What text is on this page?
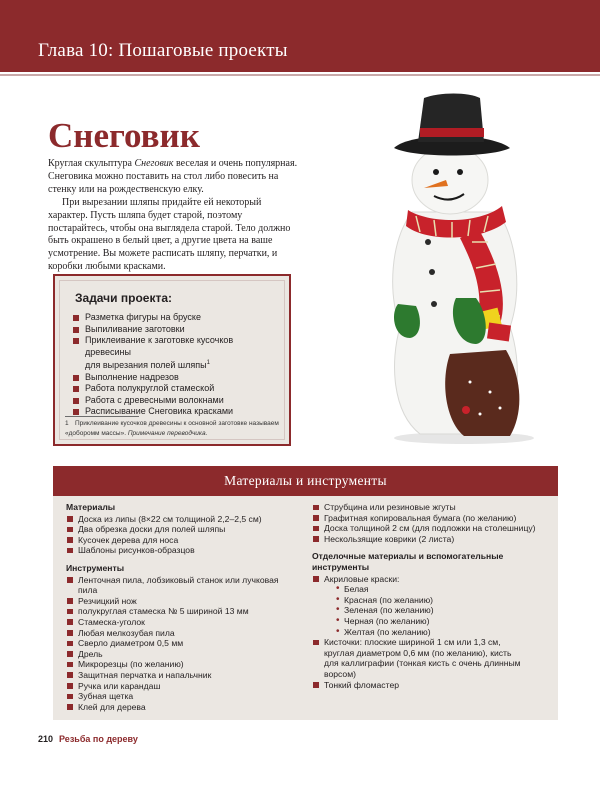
Глава 10: Пошаговые проекты
Снеговик

Круглая скульптура Снеговик веселая и очень популярная. Снеговика можно поставить на стол либо повесить на стенку или на рождественскую елку.

При вырезании шляпы придайте ей некоторый характер. Пусть шляпа будет старой, поэтому постарайтесь, чтобы она выглядела старой. Тело должно быть окрашено в белый цвет, а другие цвета на ваше усмотрение. Вы можете расписать шляпу, перчатки, и коробки любыми красками.

Задачи проекта:
Разметка фигуры на бруске
Выпиливание заготовки
Приклеивание к заготовке кусочков древесины
для вырезания полей шляпы$^1$
Выполнение надрезов
Работа полукруглой стамеской
Работа с древесными волокнами
Расписывание Снеговика красками
1 Приклеивание кусочков древесины к основной заготовке называем «доборомм массы». Примечание переводчика.
Материалы и инструменты
Материалы
Доска из липы (8×22 см толщиной 2,2–2,5 см)
Два обрезка доски для полей шляпы
Кусочек дерева для носа
Шаблоны рисунков-образцов
Инструменты
Ленточная пила, лобзиковый станок или лучковая
пила
Резчицкий нож
полукруглая стамеска № 5 шириной 13 мм
Стамеска-уголок
Любая мелкозубая пила
Сверло диаметром 0,5 мм
Дрель
Микрорезцы (по желанию)
Защитная перчатка и напальчник
Ручка или карандаш
Зубная щетка
Клей для дерева
Струбцина или резиновые жгуты
Графитная копировальная бумага (по желанию)
Доска толщиной 2 см (для подложки на столешницу)
Нескользящие коврики (2 листа)
Отделочные материалы и вспомогательные
инструменты
Акриловые краски:
• Белая
• Красная (по желанию)
• Зеленая (по желанию)
• Черная (по желанию)
• Желтая (по желанию)
Кисточки: плоские шириной 1 см или 1,3 см,
круглая диаметром 0,6 мм (по желанию), кисть
для каллиграфии (тонкая кисть с очень длинным
ворсом)
Тонкий фломастер
210 Резьба по дереву
